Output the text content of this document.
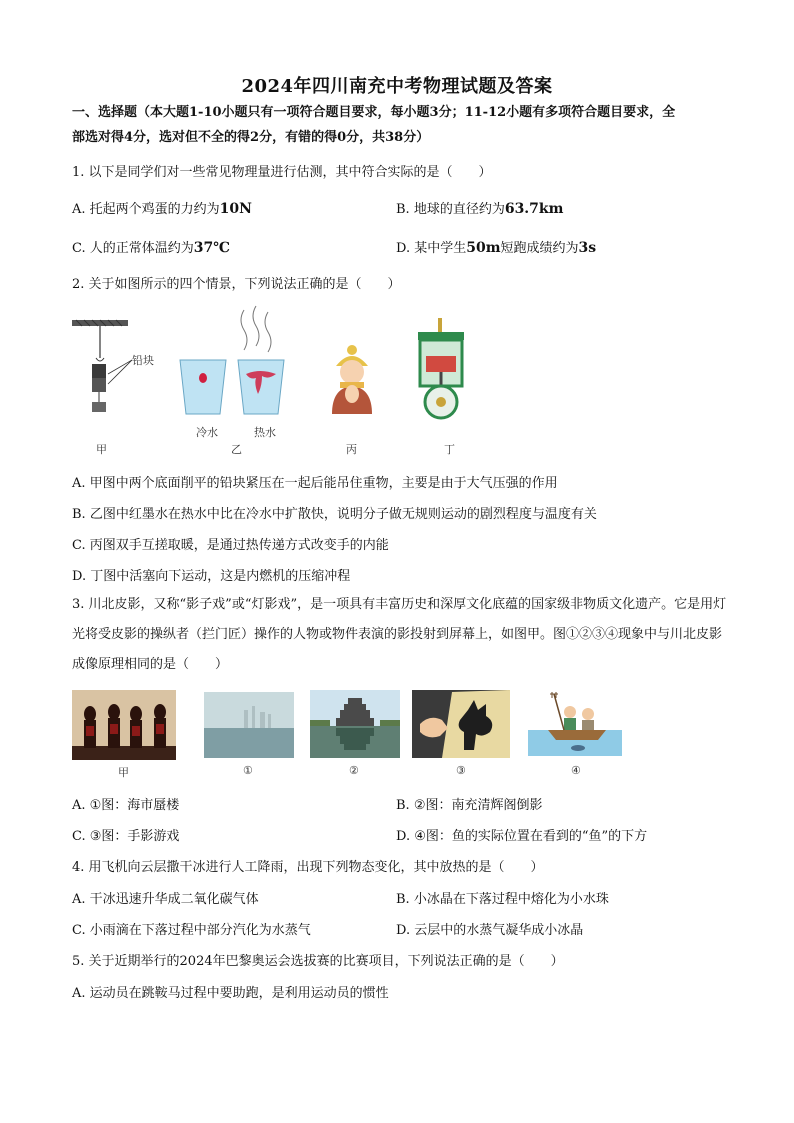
2024年四川南充中考物理试题及答案
一、选择题（本大题1-10小题只有一项符合题目要求，每小题3分；11-12小题有多项符合题目要求，全
部选对得4分，选对但不全的得2分，有错的得0分，共38分）
1. 以下是同学们对一些常见物理量进行估测，其中符合实际的是（　　）
A. 托起两个鸡蛋的力约为10N	B. 地球的直径约为63.7km
C. 人的正常体温约为37℃	D. 某中学生50m短跑成绩约为3s
2. 关于如图所示的四个情景，下列说法正确的是（　　）
铅块
冷水	热水
甲	乙	丙	丁
A. 甲图中两个底面削平的铅块紧压在一起后能吊住重物，主要是由于大气压强的作用
B. 乙图中红墨水在热水中比在冷水中扩散快，说明分子做无规则运动的剧烈程度与温度有关
C. 丙图双手互搓取暖，是通过热传递方式改变手的内能
D. 丁图中活塞向下运动，这是内燃机的压缩冲程
3. 川北皮影，又称“影子戏”或“灯影戏”，是一项具有丰富历史和深厚文化底蕴的国家级非物质文化遗产。它是用灯光将受皮影的操纵者（拦门匠）操作的人物或物件表演的影投射到屏幕上，如图甲。图①②③④现象中与川北皮影成像原理相同的是（　　）
甲	①	②	③	④
A. ①图：海市蜃楼	B. ②图：南充清辉阁倒影
C. ③图：手影游戏	D. ④图：鱼的实际位置在看到的“鱼”的下方
4. 用飞机向云层撒干冰进行人工降雨，出现下列物态变化，其中放热的是（　　）
A. 干冰迅速升华成二氧化碳气体	B. 小冰晶在下落过程中熔化为小水珠
C. 小雨滴在下落过程中部分汽化为水蒸气	D. 云层中的水蒸气凝华成小冰晶
5. 关于近期举行的2024年巴黎奥运会选拔赛的比赛项目，下列说法正确的是（　　）
A. 运动员在跳鞍马过程中要助跑，是利用运动员的惯性
